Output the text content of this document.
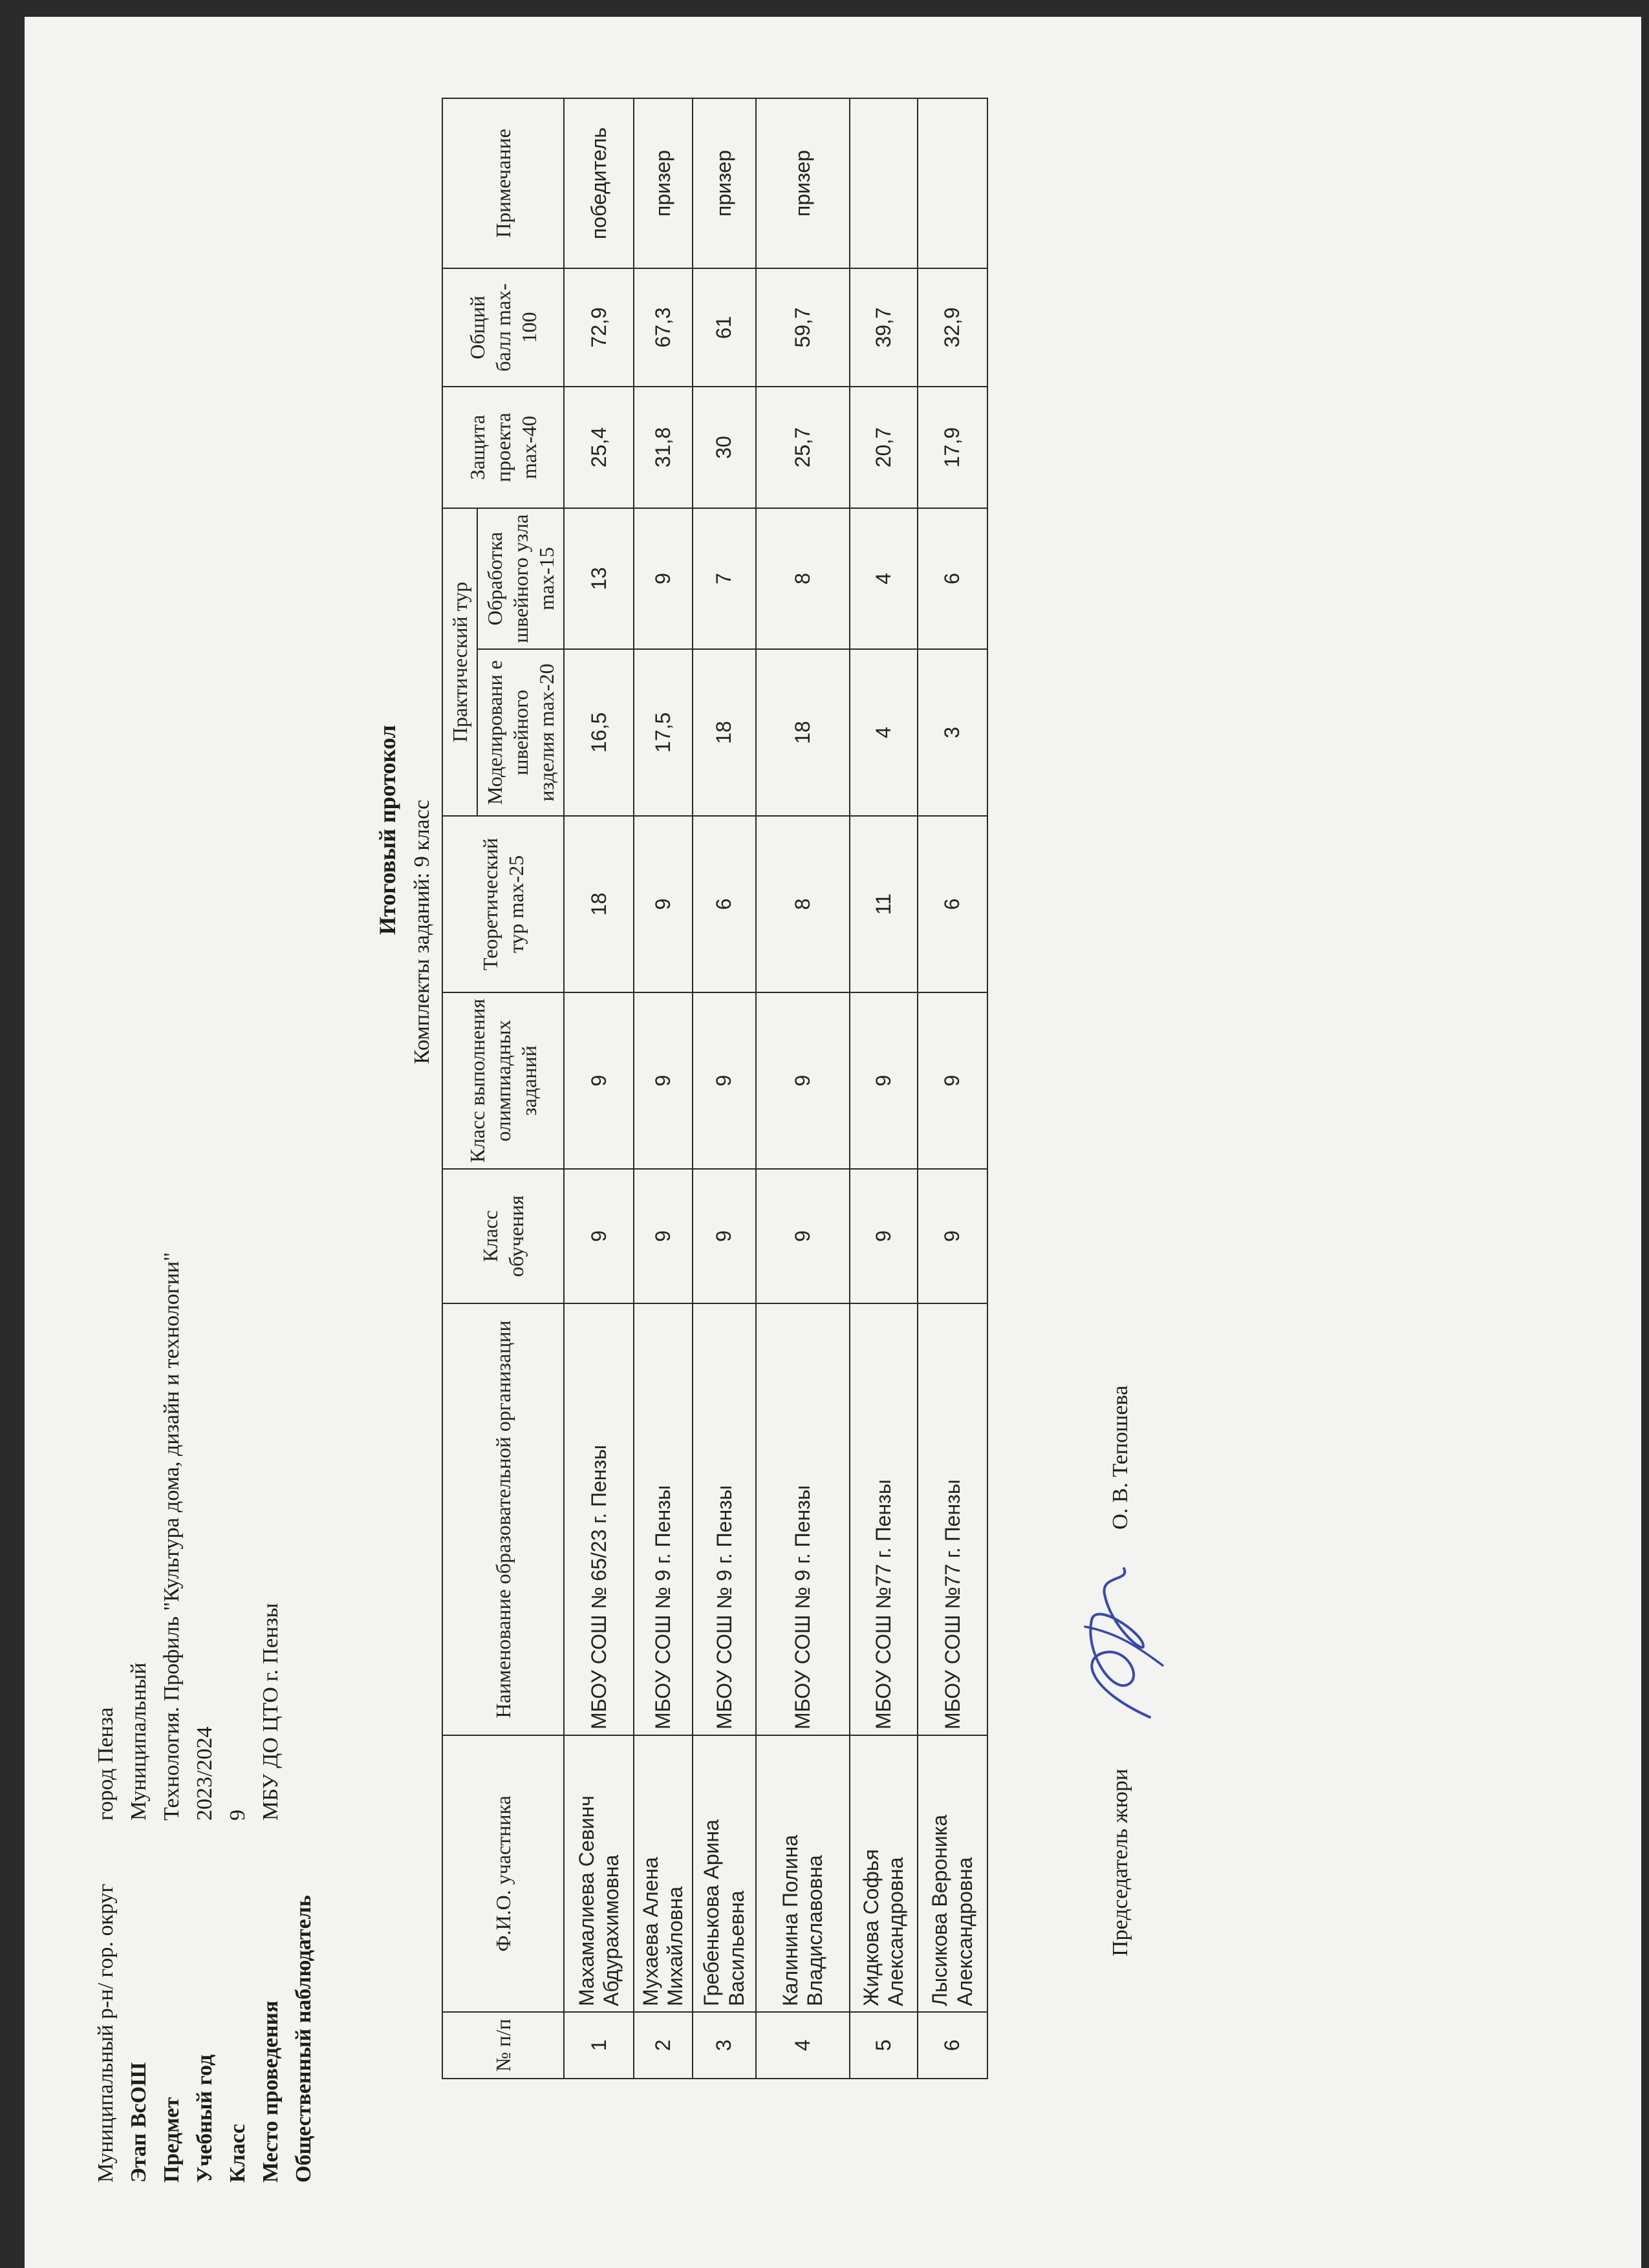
Муниципальный р-н/ гор. округ
город Пенза
Этап ВсОШ
Муниципальный
Предмет
Технология. Профиль "Культура дома, дизайн и технологии"
Учебный год
2023/2024
Класс
9
Место проведения
МБУ ДО ЦТО г. Пензы
Общественный наблюдатель
Итоговый протокол Комплекты заданий: 9 класс
№ п/п	Ф.И.О. участника	Наименование образовательной организации	Класс обучения	Класс выполнения олимпиадных заданий	Теоретический тур max-25	Практический тур		Защита проекта max-40	Общий балл max-100	Примечание
						Моделировани е швейного изделия max-20	Обработка швейного узла max-15			
1	Махамалиева Севинч Абдурахимовна	МБОУ СОШ № 65/23 г. Пензы	9	9	18	16,5	13	25,4	72,9	победитель
2	Мухаева Алена Михайловна	МБОУ СОШ № 9 г. Пензы	9	9	9	17,5	9	31,8	67,3	призер
3	Гребенькова Арина Васильевна	МБОУ СОШ № 9 г. Пензы	9	9	6	18	7	30	61	призер
4	Калинина Полина Владиславовна	МБОУ СОШ № 9 г. Пензы	9	9	8	18	8	25,7	59,7	призер
5	Жидкова Софья Александровна	МБОУ СОШ №77 г. Пензы	9	9	11	4	4	20,7	39,7	
6	Лысикова Вероника Александровна	МБОУ СОШ №77 г. Пензы	9	9	6	3	6	17,9	32,9	
Председатель жюри
О. В. Тепошева
